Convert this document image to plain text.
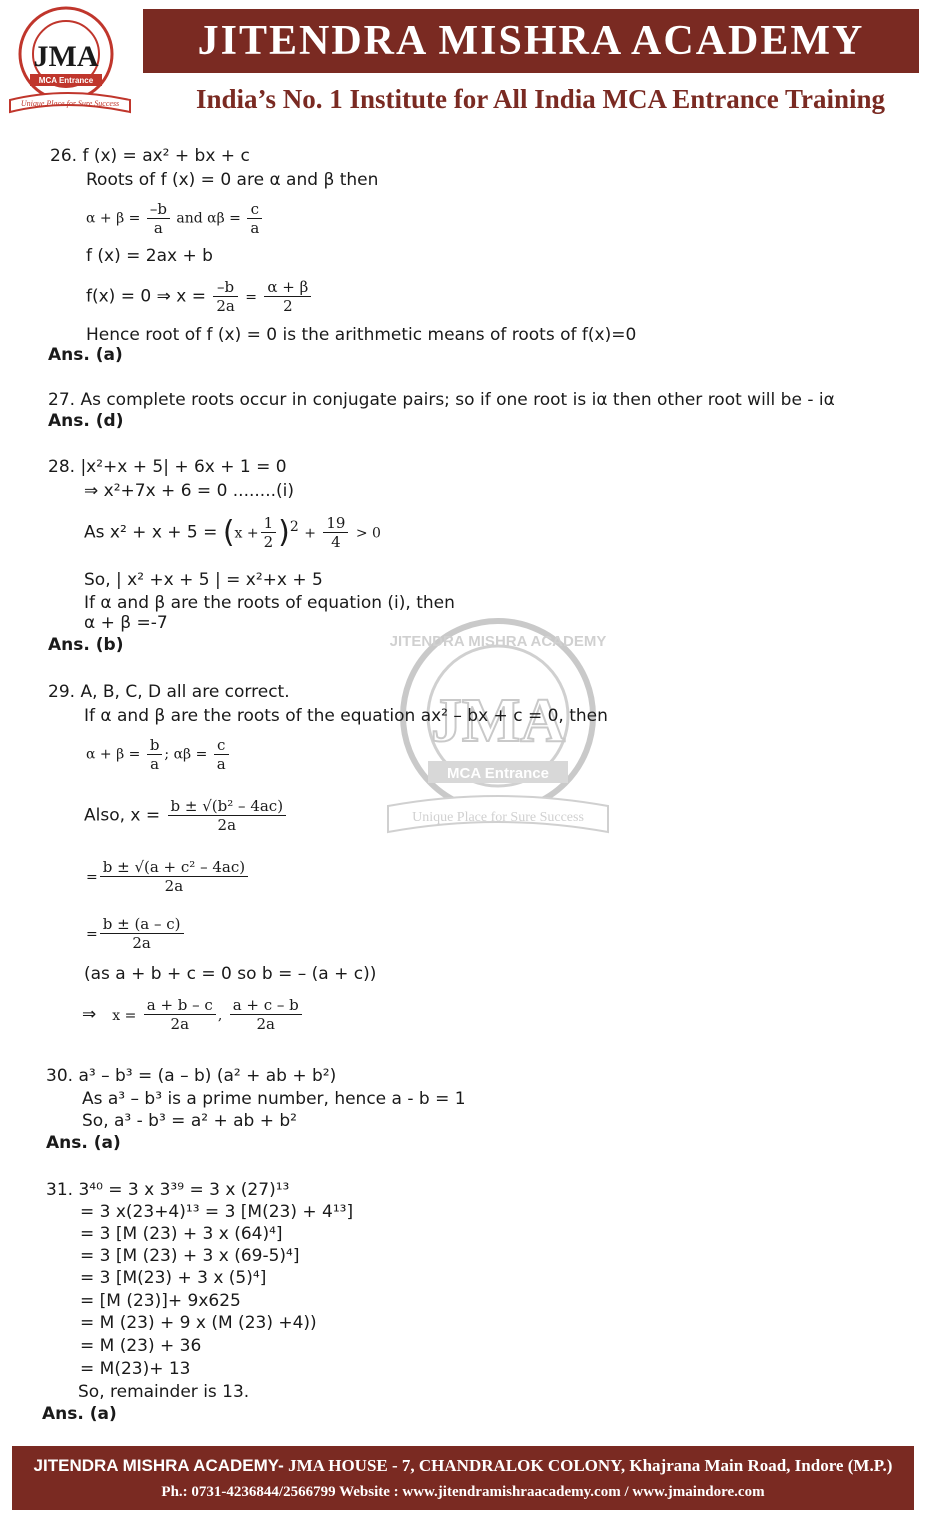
JMA
MCA Entrance
Unique Place for Sure Success
JITENDRA MISHRA ACADEMY
India’s No. 1 Institute for All India MCA Entrance Training
JITENDRA MISHRA ACADEMY
JMA
MCA Entrance
Unique Place for Sure Success
26. f (x) = ax² + bx + c
Roots of f (x) = 0 are α and β then
$\alpha + \beta = \frac{-b}{a}$ and $\alpha\beta = \frac{c}{a}$
f (x) = 2ax + b
f(x) = 0 ⇒ $x = \frac{-b}{2a} = \frac{\alpha + \beta}{2}$
Hence root of f (x) = 0 is the arithmetic means of roots of f(x)=0
Ans. (a)
27. As complete roots occur in conjugate pairs; so if one root is iα then other root will be - iα
Ans. (d)
28. |x²+x + 5| + 6x + 1 = 0
⇒ x²+7x + 6 = 0 ........(i)
As $x^2 + x + 5 = (x + \frac{1}{2} )^2 + \frac{19}{4} > 0$
So, | x² +x + 5 | = x²+x + 5
If α and β are the roots of equation (i), then
α + β =-7
Ans. (b)
29. A, B, C, D all are correct.
If α and β are the roots of the equation ax² – bx + c = 0, then
$\alpha + \beta = \frac{b}{a}$ ; $\alpha\beta = \frac{c}{a}$
Also, $x = \frac{\text{b ± √(b² – 4ac)}}{2a}$
= $\frac{\text{b ± √(a + c² – 4ac)}}{2a}$
= $\frac{b \pm (a - c)}{2a}$
(as a + b + c = 0 so b = – (a + c))
⇒ $x = \frac{a + b - c}{2a}$ , $\frac{a + c - b}{2a}$
30. a³ – b³ = (a – b) (a² + ab + b²)
As a³ – b³ is a prime number, hence a - b = 1
So, a³ - b³ = a² + ab + b²
Ans. (a)
31. 3⁴⁰ = 3 x 3³⁹ = 3 x (27)¹³
= 3 x(23+4)¹³ = 3 [M(23) + 4¹³]
= 3 [M (23) + 3 x (64)⁴]
= 3 [M (23) + 3 x (69-5)⁴]
= 3 [M(23) + 3 x (5)⁴]
= [M (23)]+ 9x625
= M (23) + 9 x (M (23) +4))
= M (23) + 36
= M(23)+ 13
So, remainder is 13.
Ans. (a)
JITENDRA MISHRA ACADEMY- JMA HOUSE - 7, CHANDRALOK COLONY, Khajrana Main Road, Indore (M.P.)
Ph.: 0731-4236844/2566799 Website : www.jitendramishraacademy.com / www.jmaindore.com
